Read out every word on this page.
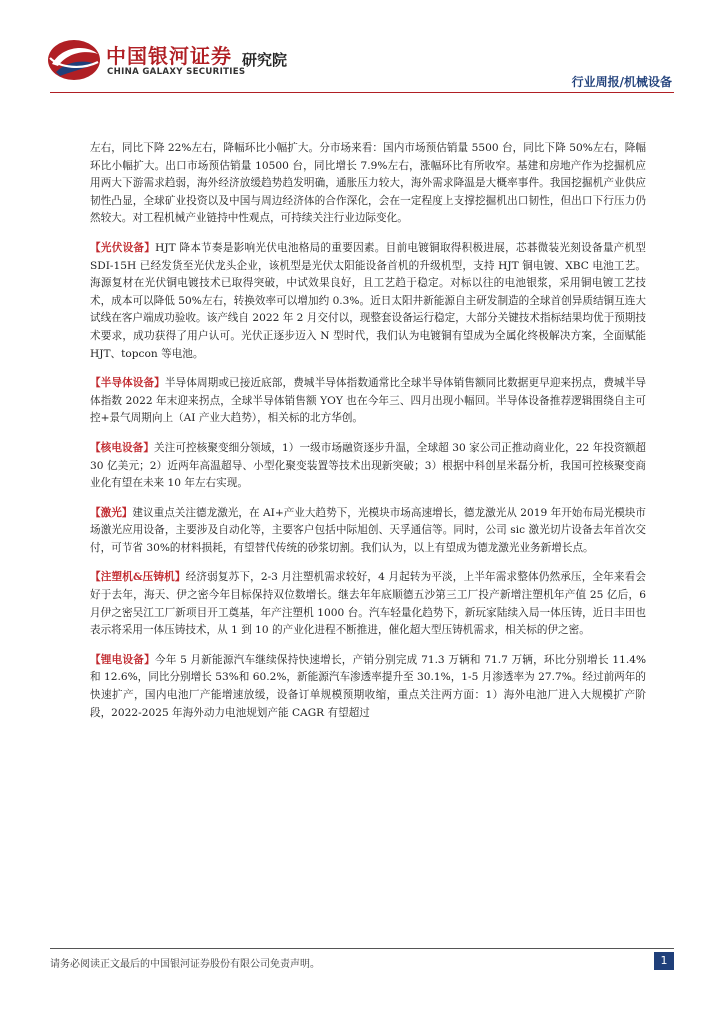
中国银河证券 研究院
CHINA GALAXY SECURITIES
行业周报/机械设备

左右，同比下降 22%左右，降幅环比小幅扩大。分市场来看：国内市场预估销量 5500 台，同比下降 50%左右，降幅环比小幅扩大。出口市场预估销量 10500 台，同比增长 7.9%左右，涨幅环比有所收窄。基建和房地产作为挖掘机应用两大下游需求趋弱，海外经济放缓趋势趋发明确，通胀压力较大，海外需求降温是大概率事件。我国挖掘机产业供应韧性凸显，全球矿业投资以及中国与周边经济体的合作深化，会在一定程度上支撑挖掘机出口韧性，但出口下行压力仍然较大。对工程机械产业链持中性观点，可持续关注行业边际变化。

【光伏设备】HJT 降本节奏是影响光伏电池格局的重要因素。目前电镀铜取得积极进展，芯碁微装光刻设备量产机型 SDI-15H 已经发货至光伏龙头企业，该机型是光伏太阳能设备首机的升级机型，支持 HJT 铜电镀、XBC 电池工艺。海源复材在光伏铜电镀技术已取得突破，中试效果良好，且工艺趋于稳定。对标以往的电池银浆，采用铜电镀工艺技术，成本可以降低 50%左右，转换效率可以增加约 0.3%。近日太阳井新能源自主研发制造的全球首创异质结铜互连大试线在客户端成功验收。该产线自 2022 年 2 月交付以，现整套设备运行稳定，大部分关键技术指标结果均优于预期技术要求，成功获得了用户认可。光伏正逐步迈入 N 型时代，我们认为电镀铜有望成为全属化终极解决方案，全面赋能 HJT、topcon 等电池。

【半导体设备】半导体周期或已接近底部，费城半导体指数通常比全球半导体销售额同比数据更早迎来拐点，费城半导体指数 2022 年末迎来拐点，全球半导体销售额 YOY 也在今年三、四月出现小幅回。半导体设备推荐逻辑围绕自主可控+景气周期向上（AI 产业大趋势），相关标的北方华创。

【核电设备】关注可控核聚变细分领域，1）一级市场融资逐步升温，全球超 30 家公司正推动商业化，22 年投资额超 30 亿美元；2）近两年高温超导、小型化聚变装置等技术出现新突破；3）根据中科创星米磊分析，我国可控核聚变商业化有望在未来 10 年左右实现。

【激光】建议重点关注德龙激光，在 AI+产业大趋势下，光模块市场高速增长，德龙激光从 2019 年开始布局光模块市场激光应用设备，主要涉及自动化等，主要客户包括中际旭创、天孚通信等。同时，公司 sic 激光切片设备去年首次交付，可节省 30%的材料损耗，有望替代传统的砂浆切割。我们认为，以上有望成为德龙激光业务新增长点。

【注塑机&压铸机】经济弱复苏下，2-3 月注塑机需求较好，4 月起转为平淡，上半年需求整体仍然承压，全年来看会好于去年，海天、伊之密今年目标保持双位数增长。继去年年底顺德五沙第三工厂投产新增注塑机年产值 25 亿后，6 月伊之密吴江工厂新项目开工奠基，年产注塑机 1000 台。汽车轻量化趋势下，新玩家陆续入局一体压铸，近日丰田也表示将采用一体压铸技术，从 1 到 10 的产业化进程不断推进，催化超大型压铸机需求，相关标的伊之密。

【锂电设备】今年 5 月新能源汽车继续保持快速增长，产销分别完成 71.3 万辆和 71.7 万辆，环比分别增长 11.4%和 12.6%，同比分别增长 53%和 60.2%，新能源汽车渗透率提升至 30.1%，1-5 月渗透率为 27.7%。经过前两年的快速扩产，国内电池厂产能增速放缓，设备订单规模预期收缩，重点关注两方面：1）海外电池厂进入大规模扩产阶段，2022-2025 年海外动力电池规划产能 CAGR 有望超过

请务必阅读正文最后的中国银河证券股份有限公司免责声明。	1
